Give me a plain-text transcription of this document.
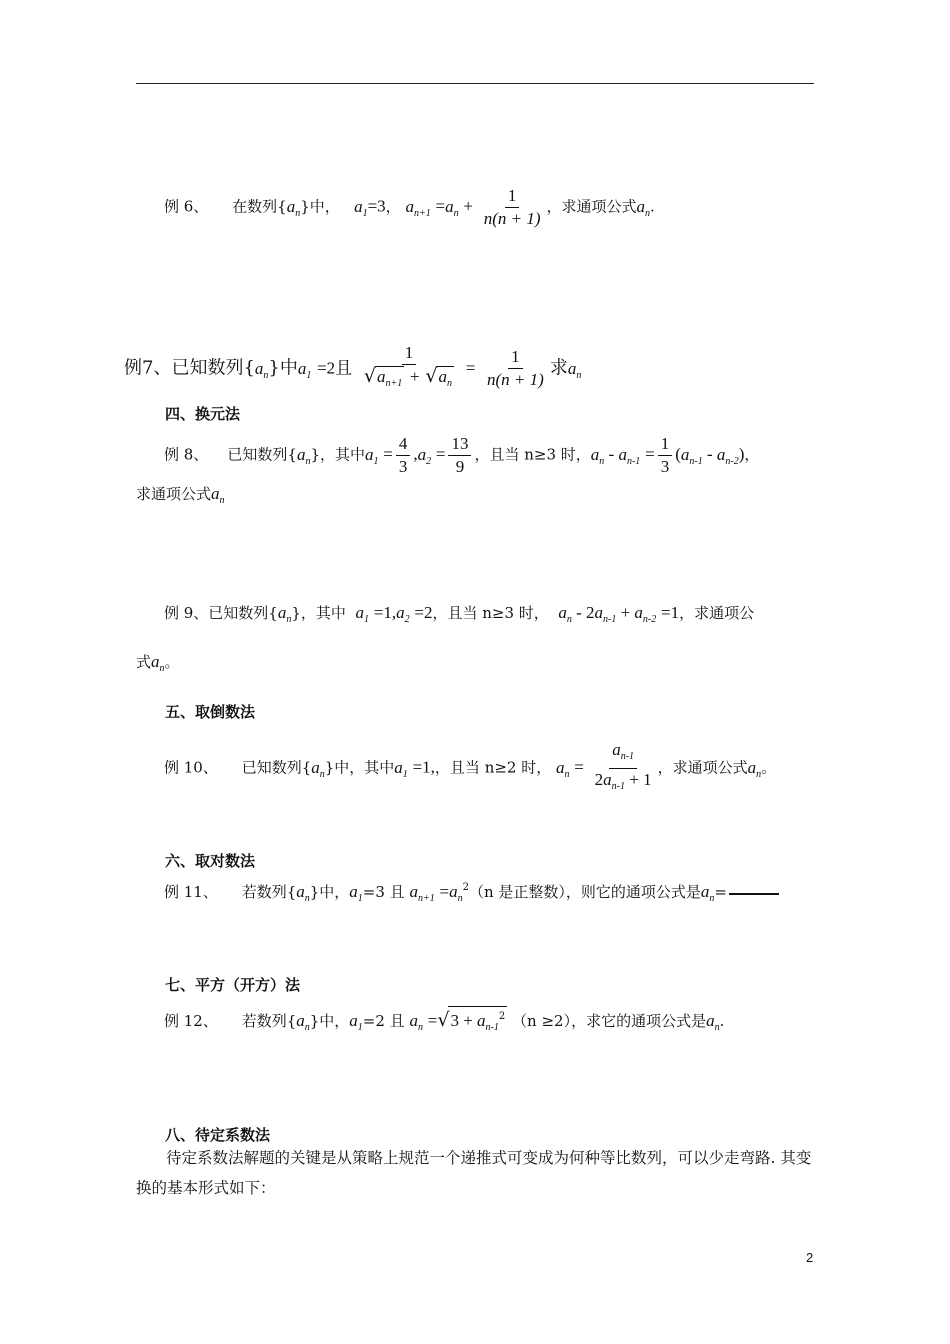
例 6、 在数列$\{a_n\}$中， $a_1=3$， $a_{n+1} =a_n + \frac{1}{n(n + 1)}$ ，求通项公式$a_n$.
例7、已知数列$\{a_n\}$中$a_1 =2$且 $\frac{1}{√a_{n+1} + √a_n} = \frac{1}{n(n + 1)}$ 求$a_n$
四、换元法
例 8、 已知数列$\{a_n\}$，其中$a_1 = \frac{4}{3} ,a_2 = \frac{13}{9}$ ，且当 n≥3 时，$a_n - a_{n-1} = \frac{1}{3} (a_{n-1} - a_{n-2})$，
求通项公式$a_n$
例 9、已知数列$\{a_n\}$，其中 $a_1 =1,a_2 =2$，且当 n≥3 时， $a_n - 2a_{n-1} + a_{n-2} =1$，求通项公
式$a_n$。
五、取倒数法
例 10、 已知数列$\{a_n\}$中，其中$a_1 =1$,，且当 n≥2 时， $a_n = \frac{a_{n-1}}{2a_{n-1} + 1}$ ，求通项公式$a_n$。
六、取对数法
例 11、 若数列$\{a_n\}$中，$a_1=3$ 且 $a_{n+1} =a_n^2(n$ 是正整数），则它的通项公式是$a_n=$
七、平方（开方）法
例 12、 若数列$\{a_n\}$中，$a_1=2$ 且 $a_n =√3 + a_{n-1}^2$ （n ≥2），求它的通项公式是$a_n$.
八、待定系数法
待定系数法解题的关键是从策略上规范一个递推式可变成为何种等比数列，可以少走弯路. 其变换的基本形式如下：
2
